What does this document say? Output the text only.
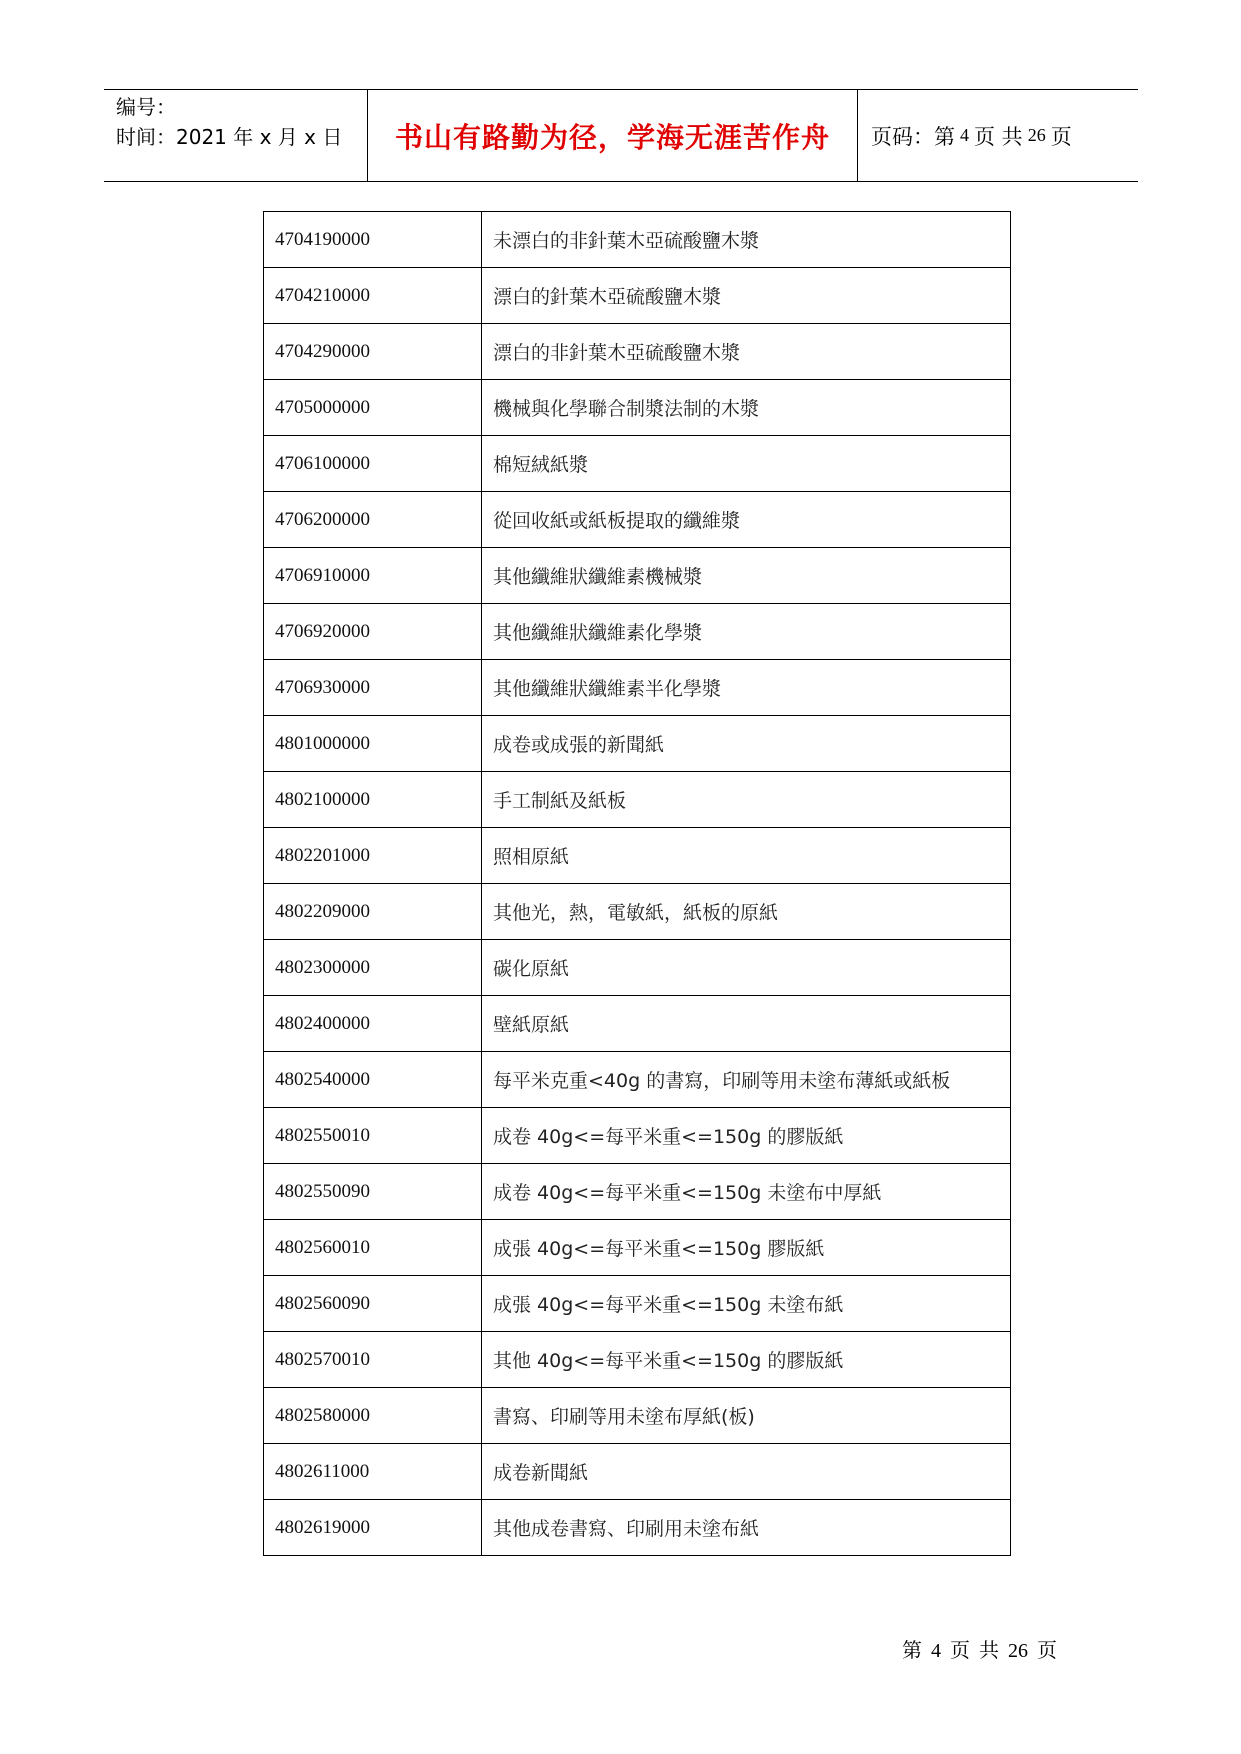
编号：
时间：2021 年 x 月 x 日	书山有路勤为径，学海无涯苦作舟	页码：第 4 页 共 26 页
4704190000	未漂白的非針葉木亞硫酸鹽木漿
4704210000	漂白的針葉木亞硫酸鹽木漿
4704290000	漂白的非針葉木亞硫酸鹽木漿
4705000000	機械與化學聯合制漿法制的木漿
4706100000	棉短絨紙漿
4706200000	從回收紙或紙板提取的纖維漿
4706910000	其他纖維狀纖維素機械漿
4706920000	其他纖維狀纖維素化學漿
4706930000	其他纖維狀纖維素半化學漿
4801000000	成卷或成張的新聞紙
4802100000	手工制紙及紙板
4802201000	照相原紙
4802209000	其他光，熱，電敏紙，紙板的原紙
4802300000	碳化原紙
4802400000	壁紙原紙
4802540000	每平米克重<40g 的書寫，印刷等用未塗布薄紙或紙板
4802550010	成卷 40g<=每平米重<=150g 的膠版紙
4802550090	成卷 40g<=每平米重<=150g 未塗布中厚紙
4802560010	成張 40g<=每平米重<=150g 膠版紙
4802560090	成張 40g<=每平米重<=150g 未塗布紙
4802570010	其他 40g<=每平米重<=150g 的膠版紙
4802580000	書寫、印刷等用未塗布厚紙(板)
4802611000	成卷新聞紙
4802619000	其他成卷書寫、印刷用未塗布紙
第 4 页 共 26 页
